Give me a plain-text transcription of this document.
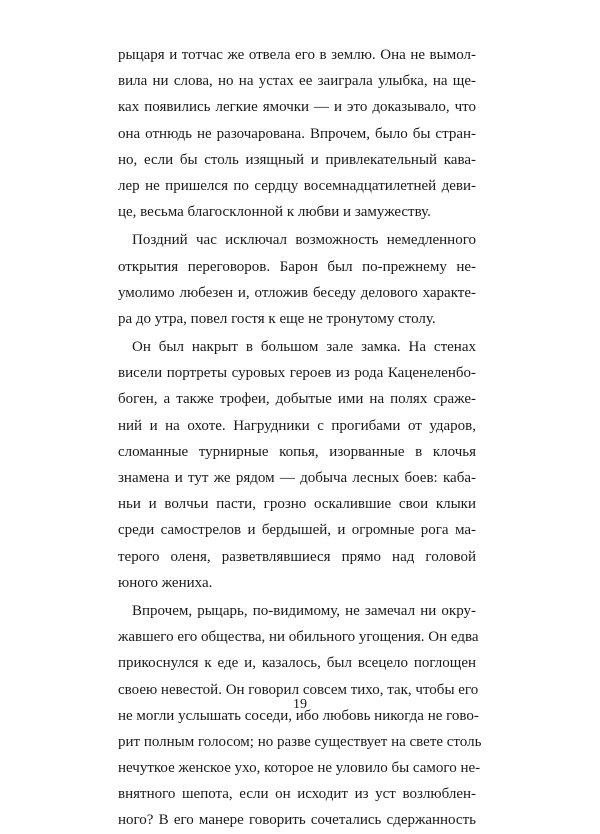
рыцаря и тотчас же отвела его в землю. Она не вымол-
вила ни слова, но на устах ее заиграла улыбка, на ще-
ках появились легкие ямочки — и это доказывало, что
она отнюдь не разочарована. Впрочем, было бы стран-
но, если бы столь изящный и привлекательный кава-
лер не пришелся по сердцу восемнадцатилетней деви-
це, весьма благосклонной к любви и замужеству.
Поздний час исключал возможность немедленного
открытия переговоров. Барон был по-прежнему не-
умолимо любезен и, отложив беседу делового характе-
ра до утра, повел гостя к еще не тронутому столу.
Он был накрыт в большом зале замка. На стенах
висели портреты суровых героев из рода Каценеленбо-
боген, а также трофеи, добытые ими на полях сраже-
ний и на охоте. Нагрудники с прогибами от ударов,
сломанные турнирные копья, изорванные в клочья
знамена и тут же рядом — добыча лесных боев: каба-
ньи и волчьи пасти, грозно оскалившие свои клыки
среди самострелов и бердышей, и огромные рога ма-
терого оленя, разветвлявшиеся прямо над головой
юного жениха.
Впрочем, рыцарь, по-видимому, не замечал ни окру-
жавшего его общества, ни обильного угощения. Он едва
прикоснулся к еде и, казалось, был всецело поглощен
своею невестой. Он говорил совсем тихо, так, чтобы его
не могли услышать соседи, ибо любовь никогда не гово-
рит полным голосом; но разве существует на свете столь
нечуткое женское ухо, которое не уловило бы самого не-
внятного шепота, если он исходит из уст возлюблен-
ного? В его манере говорить сочетались сдержанность
19
